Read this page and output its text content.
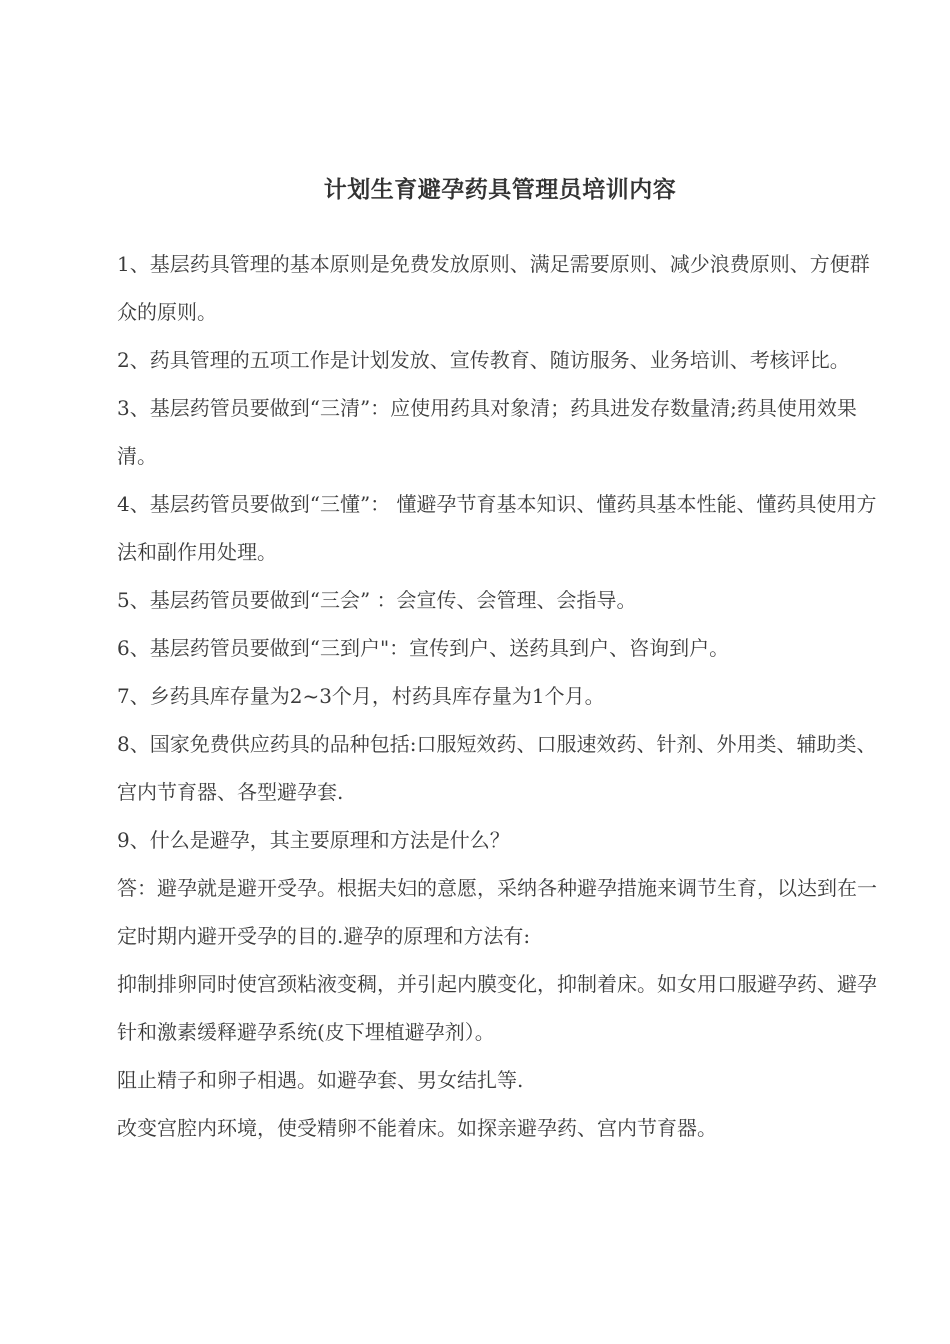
计划生育避孕药具管理员培训内容

1、基层药具管理的基本原则是免费发放原则、满足需要原则、减少浪费原则、方便群众的原则。

2、药具管理的五项工作是计划发放、宣传教育、随访服务、业务培训、考核评比。

3、基层药管员要做到“三清”：应使用药具对象清；药具进发存数量清;药具使用效果清。

4、基层药管员要做到“三懂”： 懂避孕节育基本知识、懂药具基本性能、懂药具使用方法和副作用处理。

5、基层药管员要做到“三会” ：会宣传、会管理、会指导。

6、基层药管员要做到“三到户"：宣传到户、送药具到户、咨询到户。

7、乡药具库存量为2~3个月，村药具库存量为1个月。

8、国家免费供应药具的品种包括:口服短效药、口服速效药、针剂、外用类、辅助类、宫内节育器、各型避孕套.

9、什么是避孕，其主要原理和方法是什么？

答：避孕就是避开受孕。根据夫妇的意愿，采纳各种避孕措施来调节生育，以达到在一定时期内避开受孕的目的.避孕的原理和方法有:

抑制排卵同时使宫颈粘液变稠，并引起内膜变化，抑制着床。如女用口服避孕药、避孕针和激素缓释避孕系统(皮下埋植避孕剂）。

阻止精子和卵子相遇。如避孕套、男女结扎等.

改变宫腔内环境，使受精卵不能着床。如探亲避孕药、宫内节育器。
